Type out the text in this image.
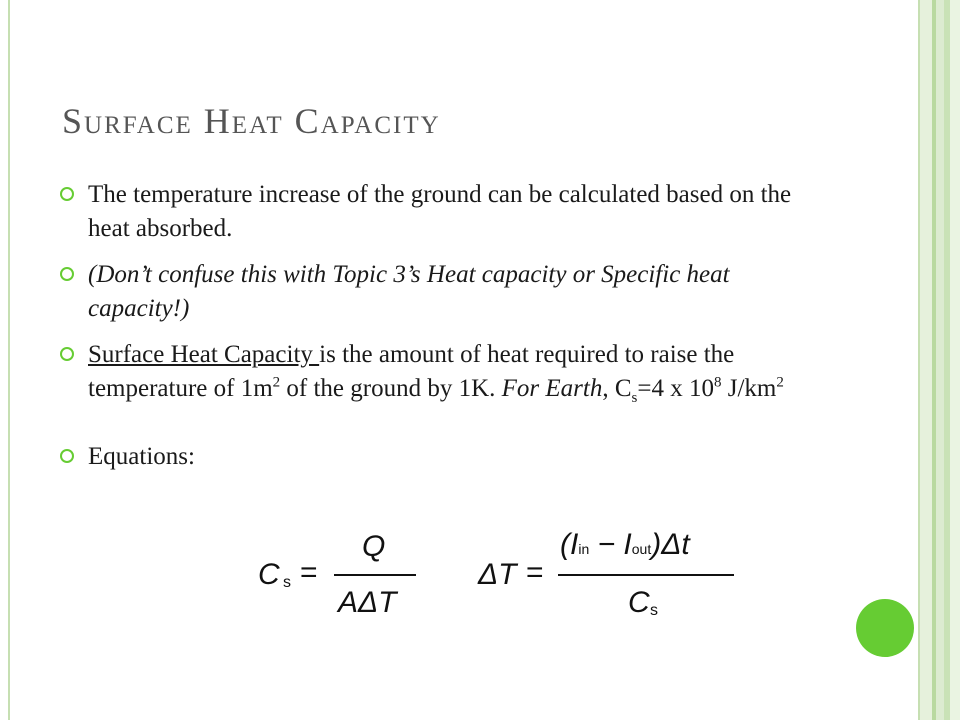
Surface Heat Capacity
The temperature increase of the ground can be calculated based on the heat absorbed.
(Don’t confuse this with Topic 3’s Heat capacity or Specific heat capacity!)
Surface Heat Capacity is the amount of heat required to raise the temperature of $1m^2$ of the ground by 1K. For Earth, $C_s=4$ x $10^8$ $J/km^2$
Equations:
C s =
Q
AΔT
ΔT =
(Iin − Iout)Δt
C s
